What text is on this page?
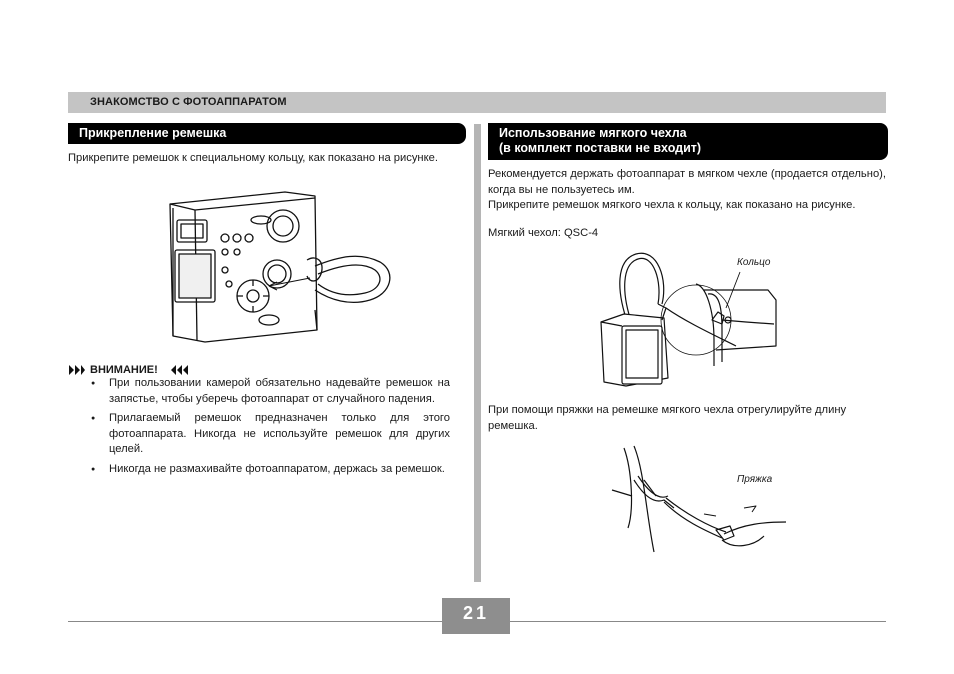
ЗНАКОМСТВО С ФОТОАППАРАТОМ
Прикрепление ремешка

Прикрепите ремешок к специальному кольцу, как показано на рисунке.

ВНИМАНИЕ!
● При пользовании камерой обязательно надевайте ремешок на запястье, чтобы уберечь фотоаппарат от случайного падения.
● Прилагаемый ремешок предназначен только для этого фотоаппарата. Никогда не используйте ремешок для других целей.
● Никогда не размахивайте фотоаппаратом, держась за ремешок.
Использование мягкого чехла
(в комплект поставки не входит)

Рекомендуется держать фотоаппарат в мягком чехле (продается отдельно), когда вы не пользуетесь им.

Прикрепите ремешок мягкого чехла к кольцу, как показано на рисунке.

Мягкий чехол: QSC-4

Кольцо

При помощи пряжки на ремешке мягкого чехла отрегулируйте длину ремешка.

Пряжка
21
